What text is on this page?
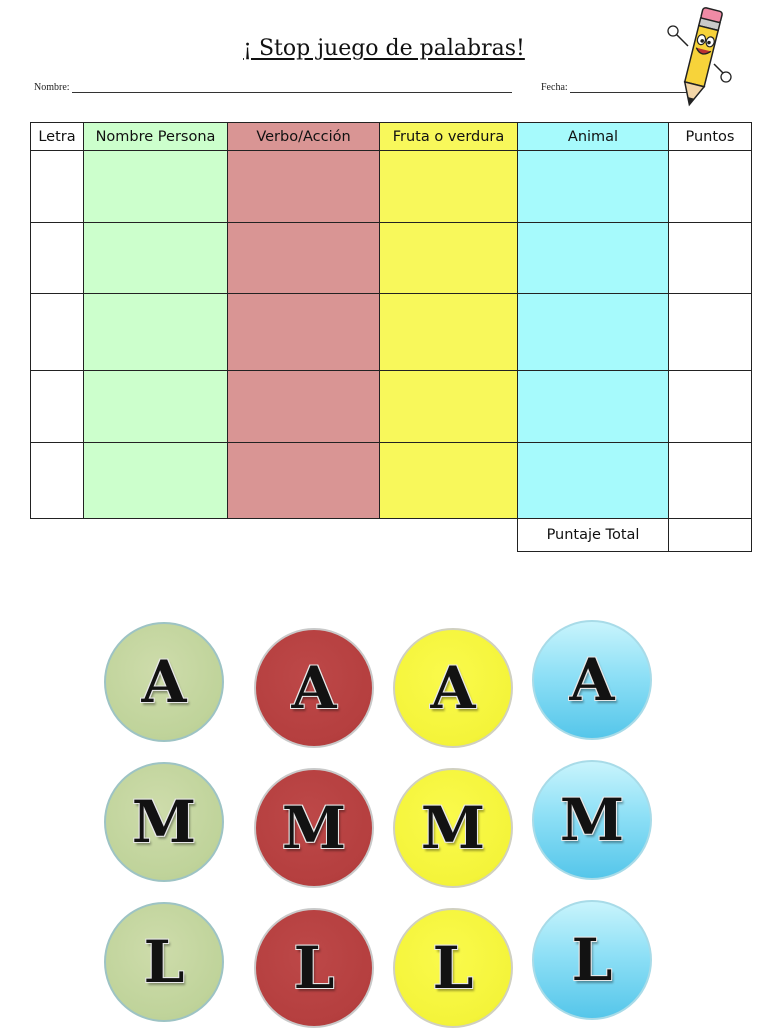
¡ Stop juego de palabras!
Nombre:	Fecha:
Letra	Nombre Persona	Verbo/Acción	Fruta o verdura	Animal	Puntos

				Puntaje Total	
A	A	A	A
M	M	M	M
L	L	L	L
